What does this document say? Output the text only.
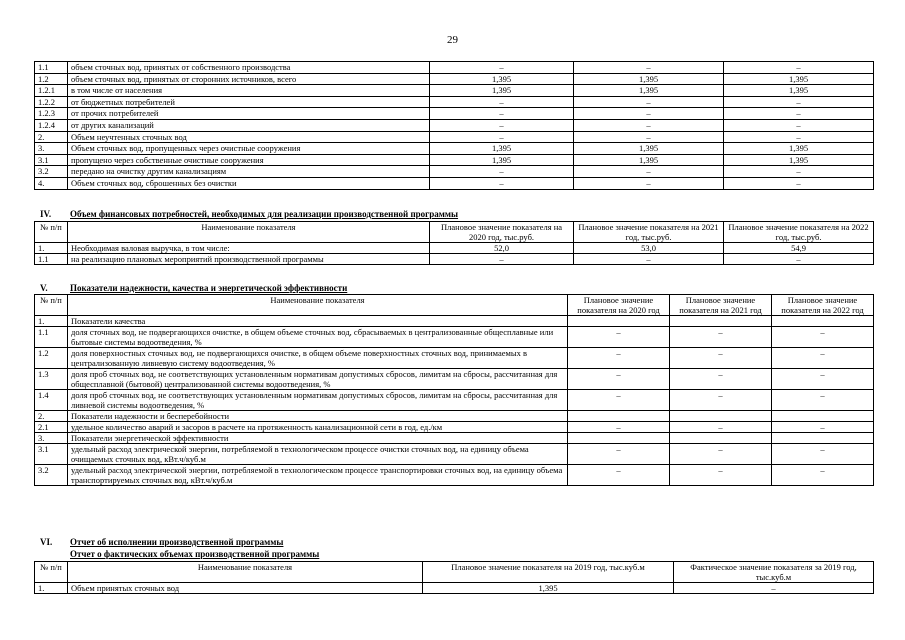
29
1.1	объем сточных вод, принятых от собственного производства	–	–	–
1.2	объем сточных вод, принятых от сторонних источников, всего	1,395	1,395	1,395
1.2.1	в том числе от населения	1,395	1,395	1,395
1.2.2	от бюджетных потребителей	–	–	–
1.2.3	от прочих потребителей	–	–	–
1.2.4	от других канализаций	–	–	–
2.	Объем неучтенных сточных вод	–	–	–
3.	Объем сточных вод, пропущенных через очистные сооружения	1,395	1,395	1,395
3.1	пропущено через собственные очистные сооружения	1,395	1,395	1,395
3.2	передано на очистку другим канализациям	–	–	–
4.	Объем сточных вод, сброшенных без очистки	–	–	–
IV. Объем финансовых потребностей, необходимых для реализации производственной программы
№ п/п	Наименование показателя	Плановое значение показателя на 2020 год, тыс.руб.	Плановое значение показателя на 2021 год, тыс.руб.	Плановое значение показателя на 2022 год, тыс.руб.
1.	Необходимая валовая выручка, в том числе:	52,0	53,0	54,9
1.1	на реализацию плановых мероприятий производственной программы	–	–	–
V. Показатели надежности, качества и энергетической эффективности
№ п/п	Наименование показателя	Плановое значение показателя на 2020 год	Плановое значение показателя на 2021 год	Плановое значение показателя на 2022 год
1.	Показатели качества			
1.1	доля сточных вод, не подвергающихся очистке, в общем объеме сточных вод, сбрасываемых в централизованные общесплавные или бытовые системы водоотведения, %	–	–	–
1.2	доля поверхностных сточных вод, не подвергающихся очистке, в общем объеме поверхностных сточных вод, принимаемых в централизованную ливневую систему водоотведения, %	–	–	–
1.3	доля проб сточных вод, не соответствующих установленным нормативам допустимых сбросов, лимитам на сбросы, рассчитанная для общесплавной (бытовой) централизованной системы водоотведения, %	–	–	–
1.4	доля проб сточных вод, не соответствующих установленным нормативам допустимых сбросов, лимитам на сбросы, рассчитанная для ливневой системы водоотведения, %	–	–	–
2.	Показатели надежности и бесперебойности			
2.1	удельное количество аварий и засоров в расчете на протяженность канализационной сети в год, ед./км	–	–	–
3.	Показатели энергетической эффективности			
3.1	удельный расход электрической энергии, потребляемой в технологическом процессе очистки сточных вод, на единицу объема очищаемых сточных вод, кВт.ч/куб.м	–	–	–
3.2	удельный расход электрической энергии, потребляемой в технологическом процессе транспортировки сточных вод, на единицу объема транспортируемых сточных вод, кВт.ч/куб.м	–	–	–
VI. Отчет об исполнении производственной программы
Отчет о фактических объемах производственной программы
№ п/п	Наименование показателя	Плановое значение показателя на 2019 год, тыс.куб.м	Фактическое значение показателя за 2019 год, тыс.куб.м
1.	Объем принятых сточных вод	1,395	–
